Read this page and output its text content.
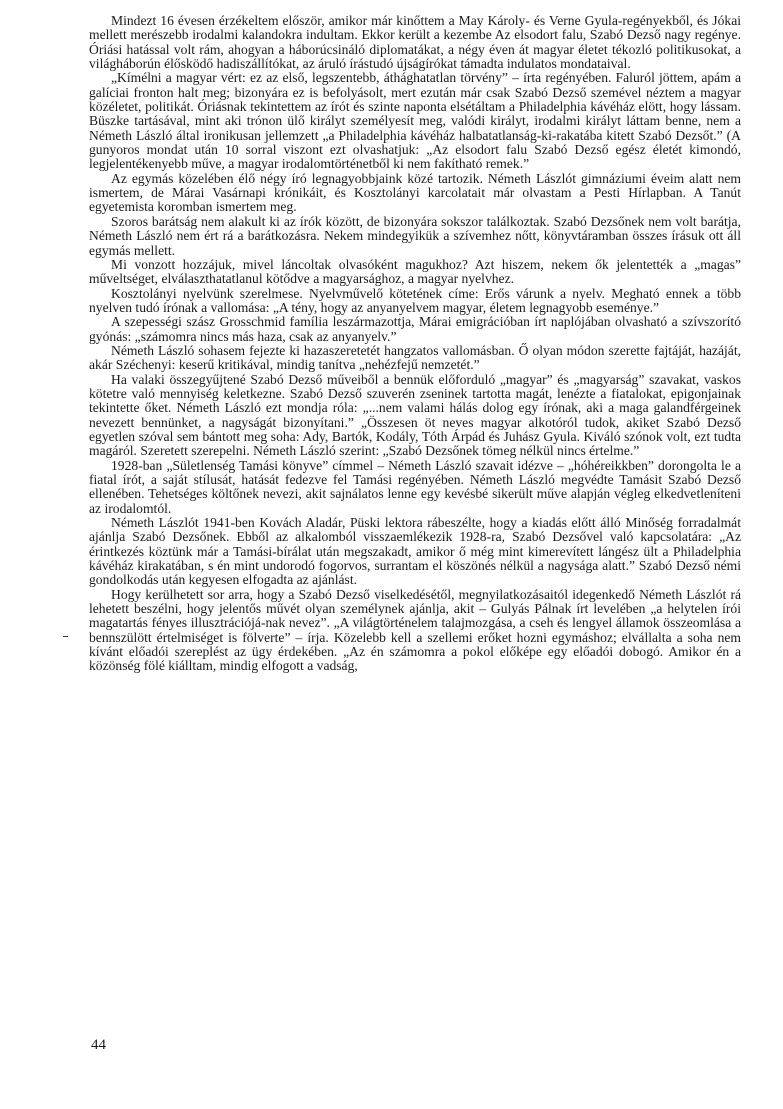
Mindezt 16 évesen érzékeltem először, amikor már kinőttem a May Károly- és Verne Gyula-regényekből, és Jókai mellett merészebb irodalmi kalandokra indultam. Ekkor került a kezembe Az elsodort falu, Szabó Dezső nagy regénye. Óriási hatással volt rám, ahogyan a háborúcsináló diplomatákat, a négy éven át magyar életet tékozló politikusokat, a világháborún élősködő hadiszállítókat, az áruló írástudó újságírókat támadta indulatos mondataival.

„Kímélni a magyar vért: ez az első, legszentebb, áthághatatlan törvény” – írta regényében. Faluról jöttem, apám a galíciai fronton halt meg; bizonyára ez is befolyásolt, mert ezután már csak Szabó Dezső szemével néztem a magyar közéletet, politikát. Óriásnak tekintettem az írót és szinte naponta elsétáltam a Philadelphia kávéház elött, hogy lássam. Büszke tartásával, mint aki trónon ülő királyt személyesít meg, valódi királyt, irodalmi királyt láttam benne, nem a Németh László által ironikusan jellemzett „a Philadelphia kávéház halbatatlanság-ki-rakatába kitett Szabó Dezsőt.” (A gunyoros mondat után 10 sorral viszont ezt olvashatjuk: „Az elsodort falu Szabó Dezső egész életét kimondó, legjelentékenyebb műve, a magyar irodalomtörténetből ki nem fakítható remek.”

Az egymás közelében élő négy író legnagyobbjaink közé tartozik. Németh Lászlót gimnáziumi éveim alatt nem ismertem, de Márai Vasárnapi krónikáit, és Kosztolányi karcolatait már olvastam a Pesti Hírlapban. A Tanút egyetemista koromban ismertem meg.

Szoros barátság nem alakult ki az írók között, de bizonyára sokszor találkoztak. Szabó Dezsőnek nem volt barátja, Németh László nem ért rá a barátkozásra. Nekem mindegyikük a szívemhez nőtt, könyvtáramban összes írásuk ott áll egymás mellett.

Mi vonzott hozzájuk, mivel láncoltak olvasóként magukhoz? Azt hiszem, nekem ők jelentették a „magas” műveltséget, elválaszthatatlanul kötődve a magyarsághoz, a magyar nyelvhez.

Kosztolányi nyelvünk szerelmese. Nyelvművelő kötetének címe: Erős várunk a nyelv. Megható ennek a több nyelven tudó írónak a vallomása: „A tény, hogy az anyanyelvem magyar, életem legnagyobb eseménye.”

A szepességi szász Grosschmid família leszármazottja, Márai emigrációban írt naplójában olvasható a szívszorító gyónás: „számomra nincs más haza, csak az anyanyelv.”

Németh László sohasem fejezte ki hazaszeretetét hangzatos vallomásban. Ő olyan módon szerette fajtáját, hazáját, akár Széchenyi: keserű kritikával, mindig tanítva „nehézfejű nemzetét.”

Ha valaki összegyűjtené Szabó Dezső műveiből a bennük előforduló „magyar” és „magyarság” szavakat, vaskos kötetre való mennyiség keletkezne. Szabó Dezső szuverén zseninek tartotta magát, lenézte a fiatalokat, epigonjainak tekintette őket. Németh László ezt mondja róla: „...nem valami hálás dolog egy írónak, aki a maga galandférgeinek nevezett bennünket, a nagyságát bizonyítani.” „Összesen öt neves magyar alkotóról tudok, akiket Szabó Dezső egyetlen szóval sem bántott meg soha: Ady, Bartók, Kodály, Tóth Árpád és Juhász Gyula. Kiváló szónok volt, ezt tudta magáról. Szeretett szerepelni. Németh László szerint: „Szabó Dezsőnek tömeg nélkül nincs értelme.”

1928-ban „Sületlenség Tamási könyve” címmel – Németh László szavait idézve – „hóhéreikkben” dorongolta le a fiatal írót, a saját stílusát, hatását fedezve fel Tamási regényében. Németh László megvédte Tamásit Szabó Dezső ellenében. Tehetséges költőnek nevezi, akit sajnálatos lenne egy kevésbé sikerült műve alapján végleg elkedvetleníteni az irodalomtól.

Németh Lászlót 1941-ben Kovách Aladár, Püski lektora rábeszélte, hogy a kiadás előtt álló Minőség forradalmát ajánlja Szabó Dezsőnek. Ebből az alkalomból visszaemlékezik 1928-ra, Szabó Dezsővel való kapcsolatára: „Az érintkezés köztünk már a Tamási-bírálat után megszakadt, amikor ő még mint kimerevített lángész ült a Philadelphia kávéház kirakatában, s én mint undorodó fogorvos, surrantam el köszönés nélkül a nagysága alatt.” Szabó Dezső némi gondolkodás után kegyesen elfogadta az ajánlást.

Hogy kerülhetett sor arra, hogy a Szabó Dezső viselkedésétől, megnyilatkozásaitól idegenkedő Németh Lászlót rá lehetett beszélni, hogy jelentős művét olyan személynek ajánlja, akit – Gulyás Pálnak írt levelében „a helytelen írói magatartás fényes illusztrációjá-nak nevez”. „A világtörténelem talajmozgása, a cseh és lengyel államok összeomlása a bennszülött értelmiséget is fölverte” – írja. Közelebb kell a szellemi erőket hozni egymáshoz; elvállalta a soha nem kívánt előadói szereplést az ügy érdekében. „Az én számomra a pokol előképe egy előadói dobogó. Amikor én a közönség fölé kiálltam, mindig elfogott a vadság,

44
